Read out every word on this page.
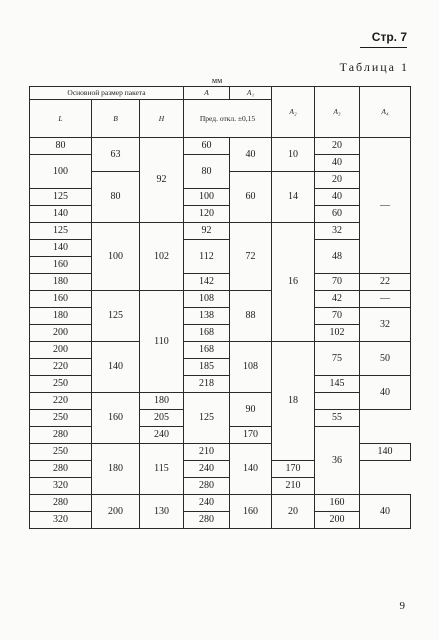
Стр. 7
Таблица 1
мм
Основной размер пакета			A	A₁	A₂	A₃	A₄
L	B	H	Пред. откл. ±0,15				
80	63	92	60	40	10	20	—
100			80			40	
	80			60	14	20	
125			100			40	
140			120			60	
125	100	102	92	72	16	32	
140			112			48	
160							
180			142			70	22
160	125	110	108	88		42	—
180			138			70	32
200			168			102	
200	140		168	108	18	75	50
220			185				
250			218			145	40
220	160	180	125	90			
250		205				55	
280		240		170		36	
250	180	115	210	140			140
280			240		170		
320			280		210		
280	200	130	240	160	20	160	40
320			280			200	
9
